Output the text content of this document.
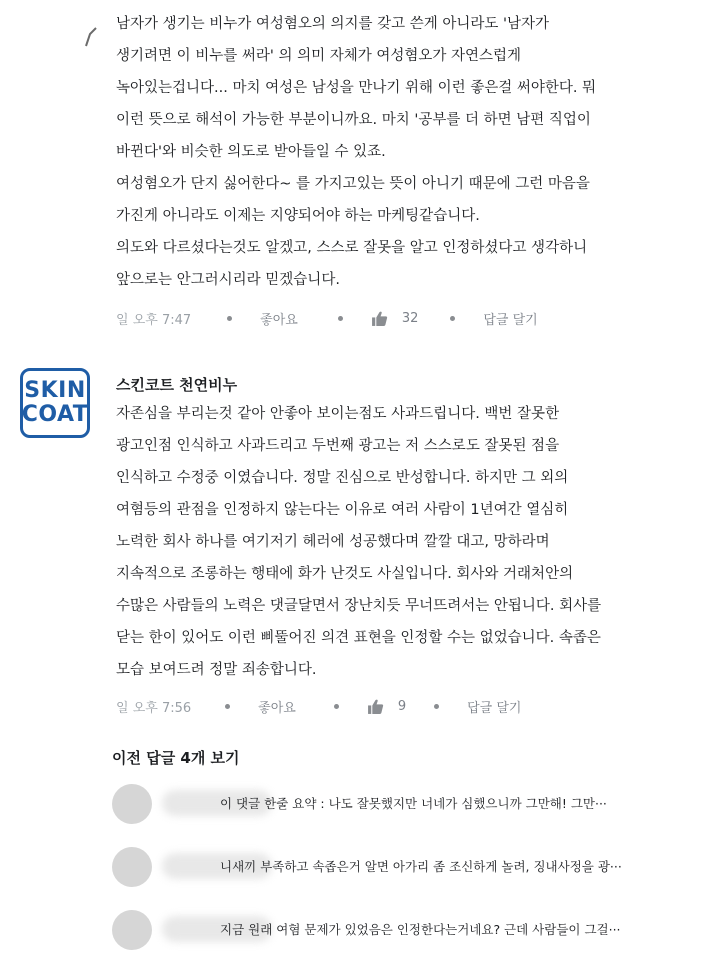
남자가 생기는 비누가 여성혐오의 의지를 갖고 쓴게 아니라도 '남자가

생기려면 이 비누를 써라' 의 의미 자체가 여성혐오가 자연스럽게

녹아있는겁니다... 마치 여성은 남성을 만나기 위해 이런 좋은걸 써야한다. 뭐

이런 뜻으로 해석이 가능한 부분이니까요. 마치 '공부를 더 하면 남편 직업이

바뀐다'와 비슷한 의도로 받아들일 수 있죠.

여성혐오가 단지 싫어한다~ 를 가지고있는 뜻이 아니기 때문에 그런 마음을

가진게 아니라도 이제는 지양되어야 하는 마케팅같습니다.

의도와 다르셨다는것도 알겠고, 스스로 잘못을 알고 인정하셨다고 생각하니

앞으로는 안그러시리라 믿겠습니다.

일 오후 7:47	좋아요	32	답글 달기
SKIN
COAT
스킨코트 천연비누

자존심을 부리는것 같아 안좋아 보이는점도 사과드립니다. 백번 잘못한

광고인점 인식하고 사과드리고 두번째 광고는 저 스스로도 잘못된 점을

인식하고 수정중 이였습니다. 정말 진심으로 반성합니다. 하지만 그 외의

여혐등의 관점을 인정하지 않는다는 이유로 여러 사람이 1년여간 열심히

노력한 회사 하나를 여기저기 헤러에 성공했다며 깔깔 대고, 망하라며

지속적으로 조롱하는 행태에 화가 난것도 사실입니다. 회사와 거래처안의

수많은 사람들의 노력은 댓글달면서 장난치듯 무너뜨려서는 안됩니다. 회사를

닫는 한이 있어도 이런 삐뚤어진 의견 표현을 인정할 수는 없었습니다. 속좁은

모습 보여드려 정말 죄송합니다.

일 오후 7:56	좋아요	9	답글 달기
이전 답글 4개 보기
이 댓글 한줄 요약 : 나도 잘못했지만 너네가 심했으니까 그만해! 그만···
니새끼 부족하고 속좁은거 알면 아가리 좀 조신하게 놀려, 징내사정을 광···
지금 원래 여혐 문제가 있었음은 인정한다는거네요? 근데 사람들이 그걸···
